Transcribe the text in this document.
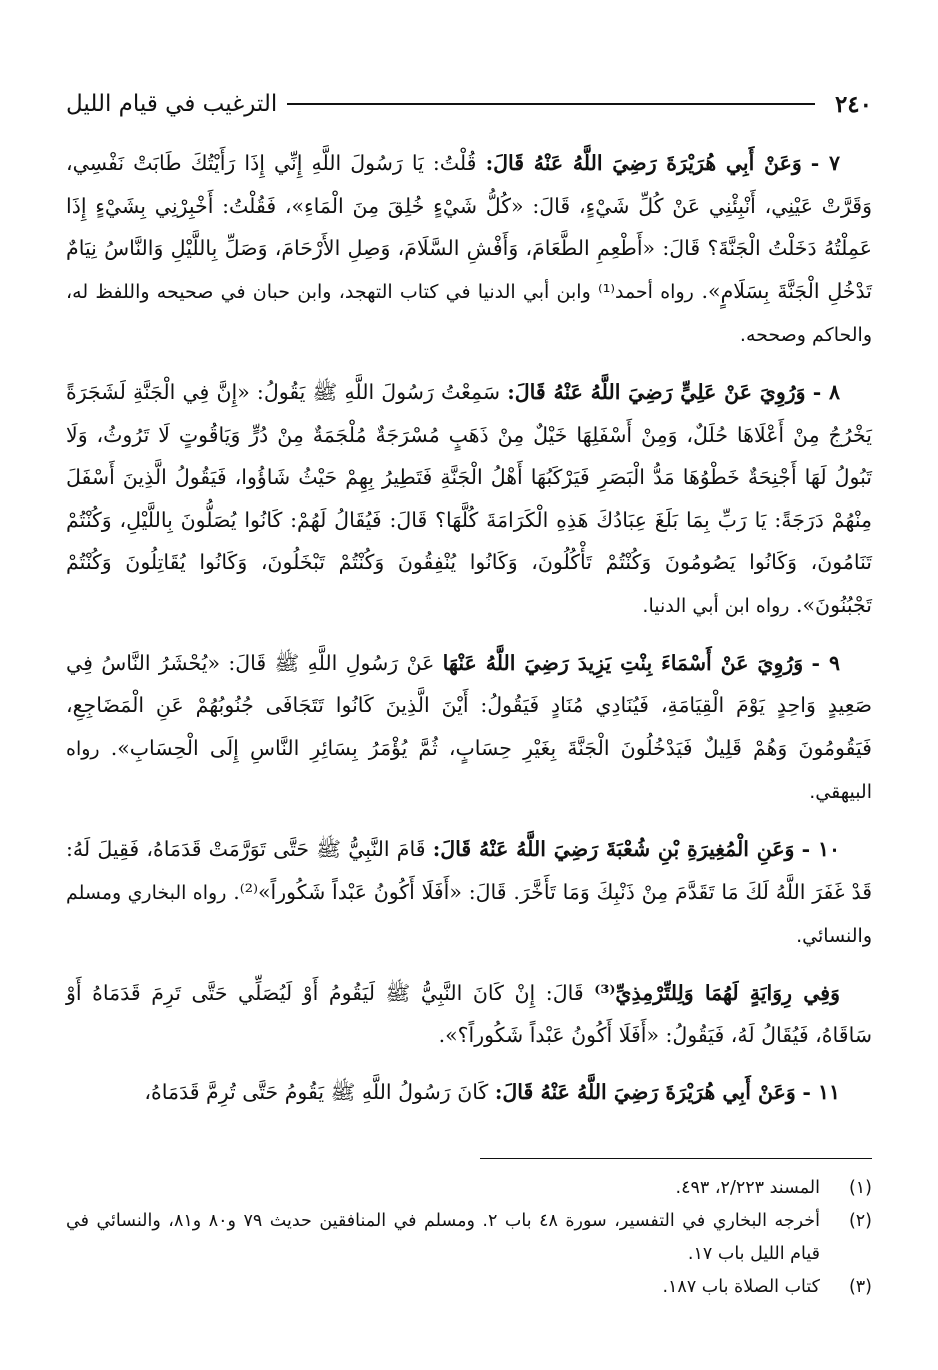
٢٤٠
الترغيب في قيام الليل

٧ - وَعَنْ أَبِي هُرَيْرَةَ رَضِيَ اللَّهُ عَنْهُ قَالَ: قُلْتُ: يَا رَسُولَ اللَّهِ إِنِّي إِذَا رَأَيْتُكَ طَابَتْ نَفْسِي، وَقَرَّتْ عَيْنِي، أَنْبِئْنِي عَنْ كُلِّ شَيْءٍ، قَالَ: «كُلُّ شَيْءٍ خُلِقَ مِنَ الْمَاءِ»، فَقُلْتُ: أَخْبِرْنِي بِشَيْءٍ إِذَا عَمِلْتُهُ دَخَلْتُ الْجَنَّةَ؟ قَالَ: «أَطْعِمِ الطَّعَامَ، وَأَفْشِ السَّلَامَ، وَصِلِ الأَرْحَامَ، وَصَلِّ بِاللَّيْلِ وَالنَّاسُ نِيَامٌ تَدْخُلِ الْجَنَّةَ بِسَلَامٍ». رواه أحمد⁽¹⁾ وابن أبي الدنيا في كتاب التهجد، وابن حبان في صحيحه واللفظ له، والحاكم وصححه.

٨ - وَرُوِيَ عَنْ عَلِيٍّ رَضِيَ اللَّهُ عَنْهُ قَالَ: سَمِعْتُ رَسُولَ اللَّهِ ﷺ يَقُولُ: «إِنَّ فِي الْجَنَّةِ لَشَجَرَةً يَخْرُجُ مِنْ أَعْلَاهَا حُلَلٌ، وَمِنْ أَسْفَلِهَا خَيْلٌ مِنْ ذَهَبٍ مُسْرَجَةٌ مُلْجَمَةٌ مِنْ دُرٍّ وَيَاقُوتٍ لَا تَرُوثُ، وَلَا تَبُولُ لَهَا أَجْنِحَةٌ خَطْوُهَا مَدُّ الْبَصَرِ فَيَرْكَبُهَا أَهْلُ الْجَنَّةِ فَتَطِيرُ بِهِمْ حَيْثُ شَاؤُوا، فَيَقُولُ الَّذِينَ أَسْفَلَ مِنْهُمْ دَرَجَةً: يَا رَبِّ بِمَا بَلَغَ عِبَادُكَ هَذِهِ الْكَرَامَةَ كُلَّهَا؟ قَالَ: فَيُقَالُ لَهُمْ: كَانُوا يُصَلُّونَ بِاللَّيْلِ، وَكُنْتُمْ تَنَامُونَ، وَكَانُوا يَصُومُونَ وَكُنْتُمْ تَأْكُلُونَ، وَكَانُوا يُنْفِقُونَ وَكُنْتُمْ تَبْخَلُونَ، وَكَانُوا يُقَاتِلُونَ وَكُنْتُمْ تَجْبُنُونَ». رواه ابن أبي الدنيا.

٩ - وَرُوِيَ عَنْ أَسْمَاءَ بِنْتِ يَزِيدَ رَضِيَ اللَّهُ عَنْهَا عَنْ رَسُولِ اللَّهِ ﷺ قَالَ: «يُحْشَرُ النَّاسُ فِي صَعِيدٍ وَاحِدٍ يَوْمَ الْقِيَامَةِ، فَيُنَادِي مُنَادٍ فَيَقُولُ: أَيْنَ الَّذِينَ كَانُوا تَتَجَافَى جُنُوبُهُمْ عَنِ الْمَضَاجِعِ، فَيَقُومُونَ وَهُمْ قَلِيلٌ فَيَدْخُلُونَ الْجَنَّةَ بِغَيْرِ حِسَابٍ، ثُمَّ يُؤْمَرُ بِسَائِرِ النَّاسِ إِلَى الْحِسَابِ». رواه البيهقي.

١٠ - وَعَنِ الْمُغِيرَةِ بْنِ شُعْبَةَ رَضِيَ اللَّهُ عَنْهُ قَالَ: قَامَ النَّبِيُّ ﷺ حَتَّى تَوَرَّمَتْ قَدَمَاهُ، فَقِيلَ لَهُ: قَدْ غَفَرَ اللَّهُ لَكَ مَا تَقَدَّمَ مِنْ ذَنْبِكَ وَمَا تَأَخَّرَ. قَالَ: «أَفَلَا أَكُونُ عَبْداً شَكُوراً»⁽²⁾. رواه البخاري ومسلم والنسائي.

وَفِي رِوَايَةٍ لَهُمَا وَلِلتِّرْمِذِيِّ⁽³⁾ قَالَ: إِنْ كَانَ النَّبِيُّ ﷺ لَيَقُومُ أَوْ لَيُصَلِّي حَتَّى تَرِمَ قَدَمَاهُ أَوْ سَاقَاهُ، فَيُقَالُ لَهُ، فَيَقُولُ: «أَفَلَا أَكُونُ عَبْداً شَكُوراً؟».

١١ - وَعَنْ أَبِي هُرَيْرَةَ رَضِيَ اللَّهُ عَنْهُ قَالَ: كَانَ رَسُولُ اللَّهِ ﷺ يَقُومُ حَتَّى تُرِمَّ قَدَمَاهُ،

(١)
المسند ٢/٢٢٣، ٤٩٣.

(٢)
أخرجه البخاري في التفسير، سورة ٤٨ باب ٢. ومسلم في المنافقين حديث ٧٩ و٨٠ و٨١، والنسائي في قيام الليل باب ١٧.

(٣)
كتاب الصلاة باب ١٨٧.
